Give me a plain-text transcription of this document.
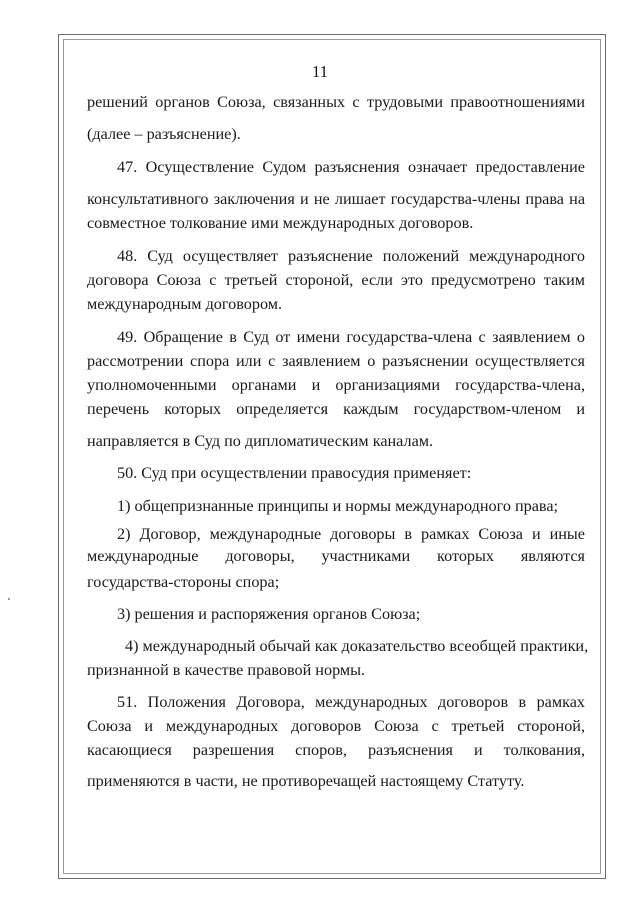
11
решений органов Союза, связанных с трудовыми правоотношениями
(далее – разъяснение).
47. Осуществление Судом разъяснения означает предоставление
консультативного заключения и не лишает государства-члены права на
совместное толкование ими международных договоров.
48. Суд осуществляет разъяснение положений международного
договора Союза с третьей стороной, если это предусмотрено таким
международным договором.
49. Обращение в Суд от имени государства-члена с заявлением о
рассмотрении спора или с заявлением о разъяснении осуществляется
уполномоченными органами и организациями государства-члена,
перечень которых определяется каждым государством-членом и
направляется в Суд по дипломатическим каналам.
50. Суд при осуществлении правосудия применяет:
1) общепризнанные принципы и нормы международного права;
2) Договор, международные договоры в рамках Союза и иные
международные договоры, участниками которых являются
государства-стороны спора;
3) решения и распоряжения органов Союза;
4) международный обычай как доказательство всеобщей практики,
признанной в качестве правовой нормы.
51. Положения Договора, международных договоров в рамках
Союза и международных договоров Союза с третьей стороной,
касающиеся разрешения споров, разъяснения и толкования,
применяются в части, не противоречащей настоящему Статуту.
